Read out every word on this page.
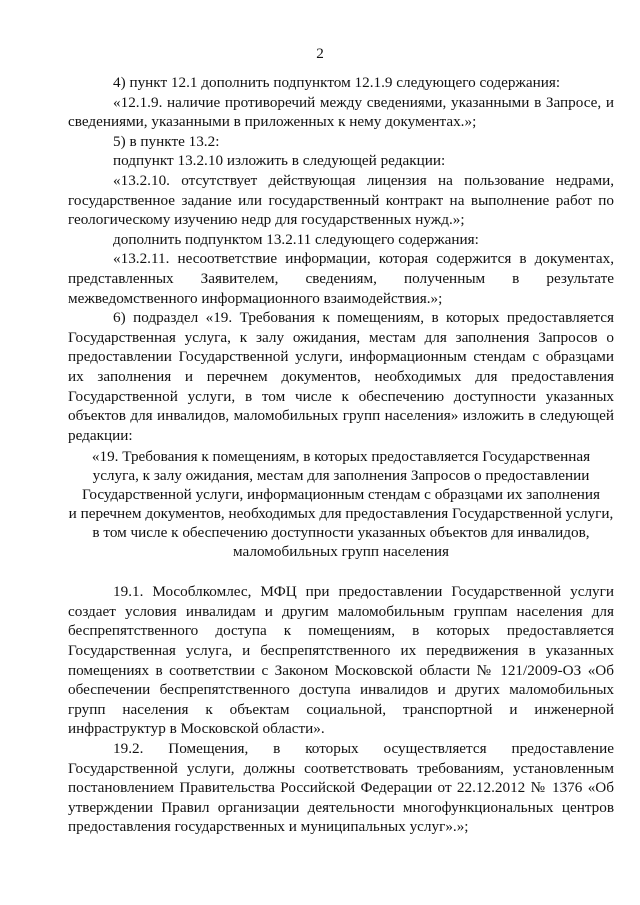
2

4) пункт 12.1 дополнить подпунктом 12.1.9 следующего содержания:

«12.1.9. наличие противоречий между сведениями, указанными в Запросе, и сведениями, указанными в приложенных к нему документах.»;

5) в пункте 13.2:

подпункт 13.2.10 изложить в следующей редакции:

«13.2.10. отсутствует действующая лицензия на пользование недрами, государственное задание или государственный контракт на выполнение работ по геологическому изучению недр для государственных нужд.»;

дополнить подпунктом 13.2.11 следующего содержания:

«13.2.11. несоответствие информации, которая содержится в документах, представленных Заявителем, сведениям, полученным в результате межведомственного информационного взаимодействия.»;

6) подраздел «19. Требования к помещениям, в которых предоставляется Государственная услуга, к залу ожидания, местам для заполнения Запросов о предоставлении Государственной услуги, информационным стендам с образцами их заполнения и перечнем документов, необходимых для предоставления Государственной услуги, в том числе к обеспечению доступности указанных объектов для инвалидов, маломобильных групп населения» изложить в следующей редакции:

«19. Требования к помещениям, в которых предоставляется Государственная

услуга, к залу ожидания, местам для заполнения Запросов о предоставлении

Государственной услуги, информационным стендам с образцами их заполнения

и перечнем документов, необходимых для предоставления Государственной услуги,

в том числе к обеспечению доступности указанных объектов для инвалидов,

маломобильных групп населения

19.1. Мособлкомлес, МФЦ при предоставлении Государственной услуги создает условия инвалидам и другим маломобильным группам населения для беспрепятственного доступа к помещениям, в которых предоставляется Государственная услуга, и беспрепятственного их передвижения в указанных помещениях в соответствии с Законом Московской области № 121/2009-ОЗ «Об обеспечении беспрепятственного доступа инвалидов и других маломобильных групп населения к объектам социальной, транспортной и инженерной инфраструктур в Московской области».

19.2. Помещения, в которых осуществляется предоставление Государственной услуги, должны соответствовать требованиям, установленным постановлением Правительства Российской Федерации от 22.12.2012 № 1376 «Об утверждении Правил организации деятельности многофункциональных центров предоставления государственных и муниципальных услуг».»;
